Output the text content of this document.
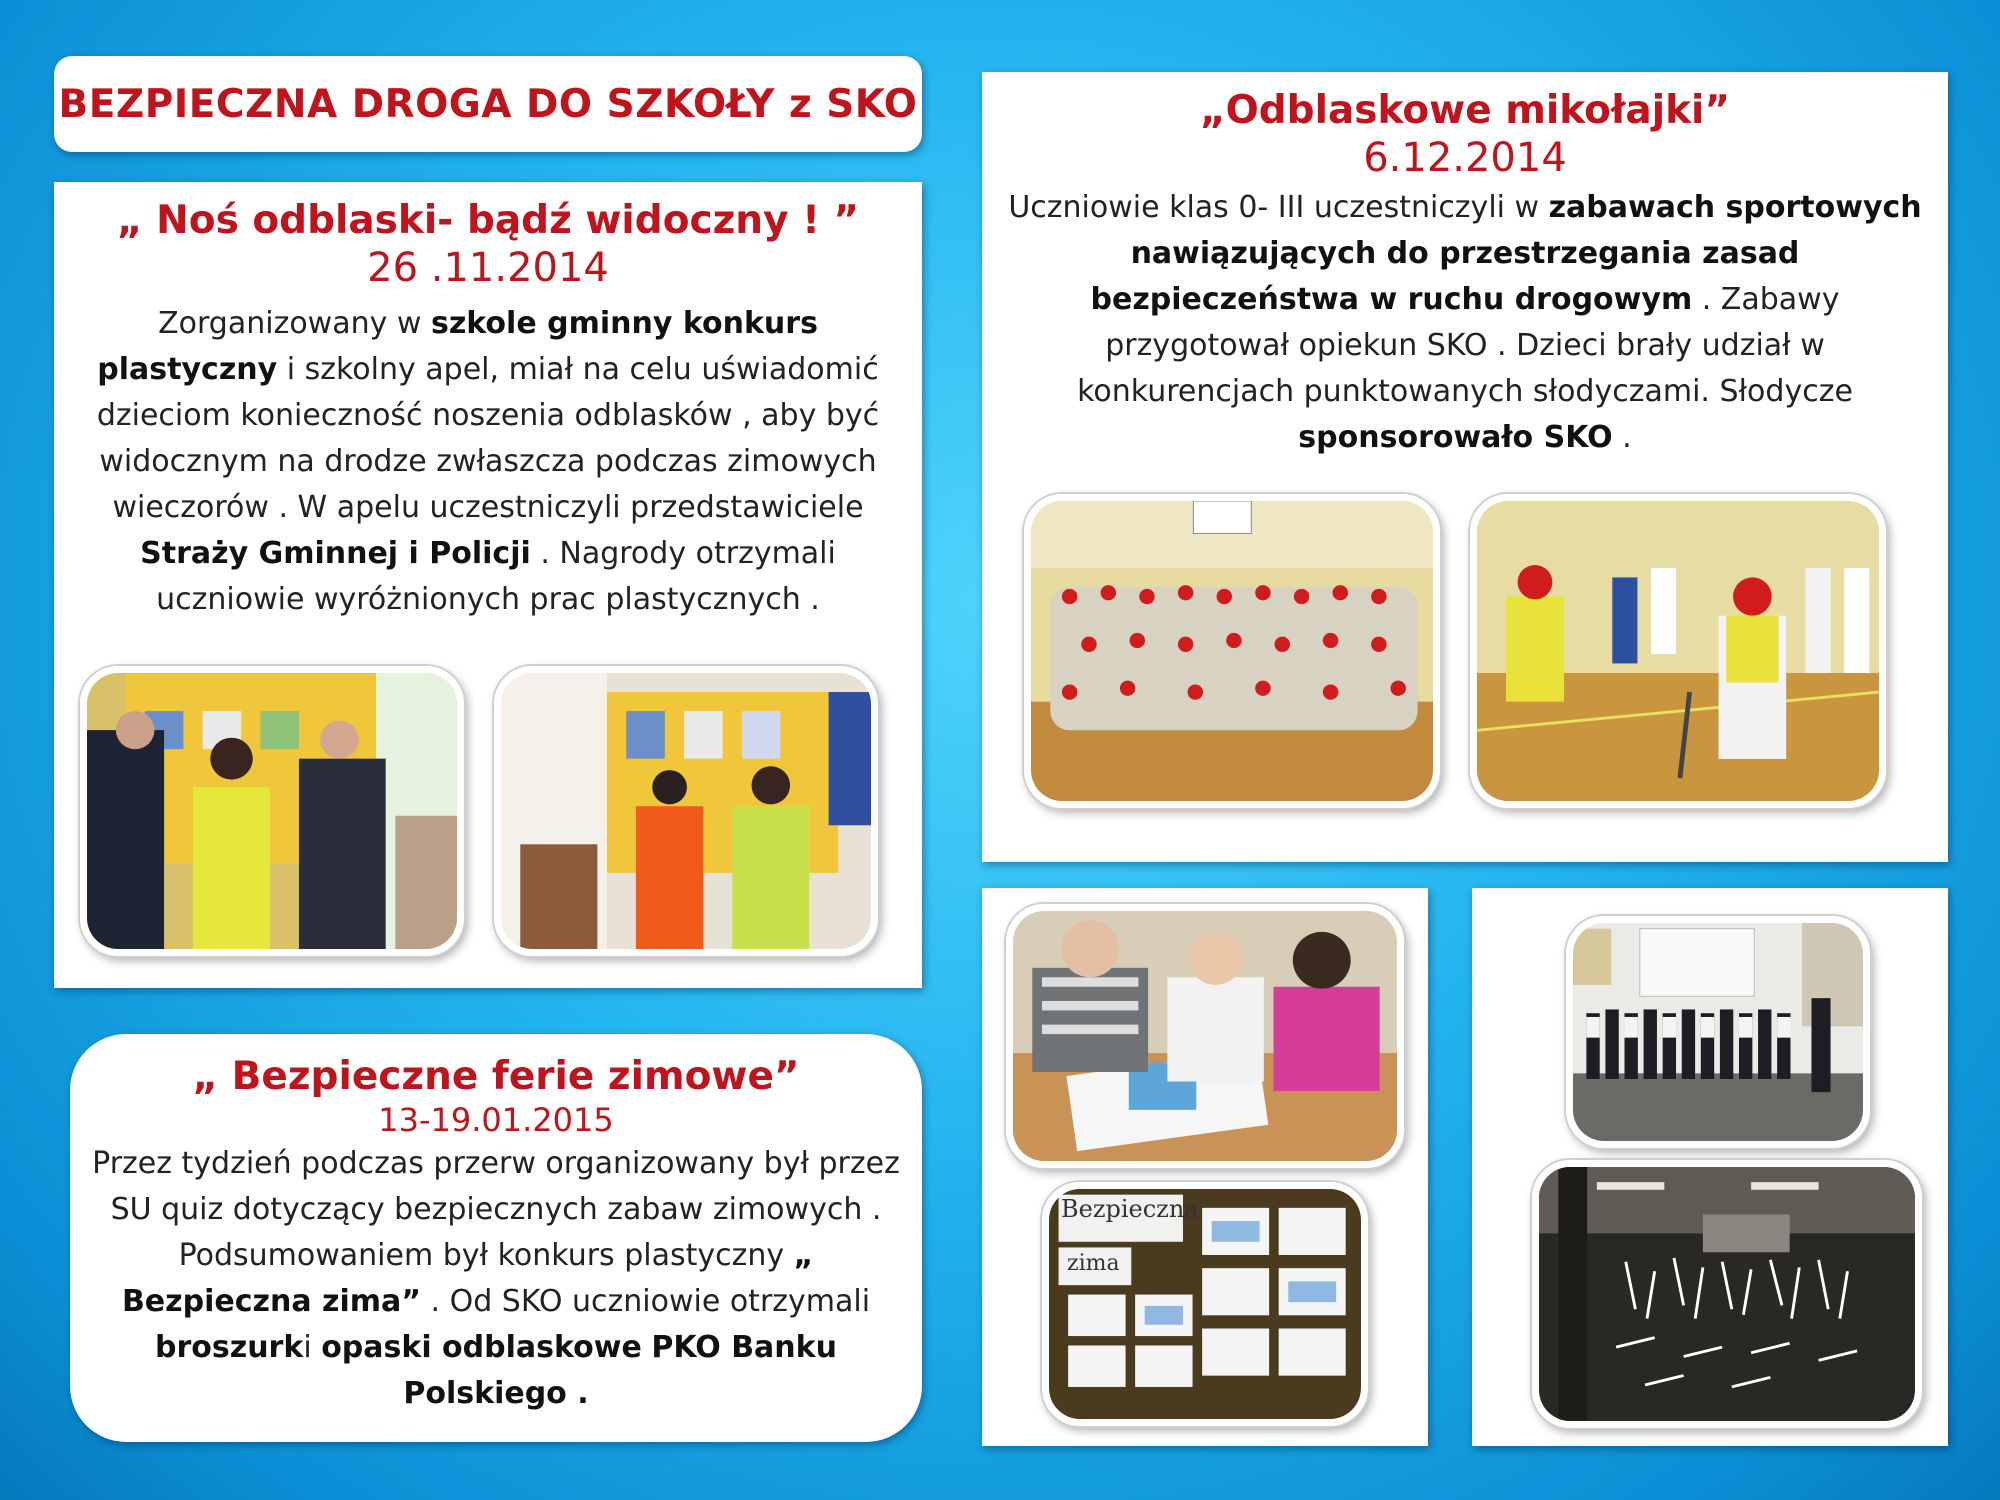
BEZPIECZNA DROGA DO SZKOŁY z SKO
„ Noś odblaski- bądź widoczny ! ”
26 .11.2014
Zorganizowany w szkole gminny konkurs plastyczny i szkolny apel, miał na celu uświadomić dzieciom konieczność noszenia odblasków , aby być widocznym na drodze zwłaszcza podczas zimowych wieczorów . W apelu uczestniczyli przedstawiciele Straży Gminnej i Policji . Nagrody otrzymali uczniowie wyróżnionych prac plastycznych .
„Odblaskowe mikołajki”
6.12.2014
Uczniowie klas 0- III uczestniczyli w zabawach sportowych nawiązujących do przestrzegania zasad bezpieczeństwa w ruchu drogowym . Zabawy przygotował opiekun SKO . Dzieci brały udział w konkurencjach punktowanych słodyczami. Słodycze sponsorowało SKO .
Bezpieczna
zima
„ Bezpieczne ferie zimowe”
13-19.01.2015
Przez tydzień podczas przerw organizowany był przez SU quiz dotyczący bezpiecznych zabaw zimowych . Podsumowaniem był konkurs plastyczny „ Bezpieczna zima” . Od SKO uczniowie otrzymali broszurki opaski odblaskowe PKO Banku Polskiego .
